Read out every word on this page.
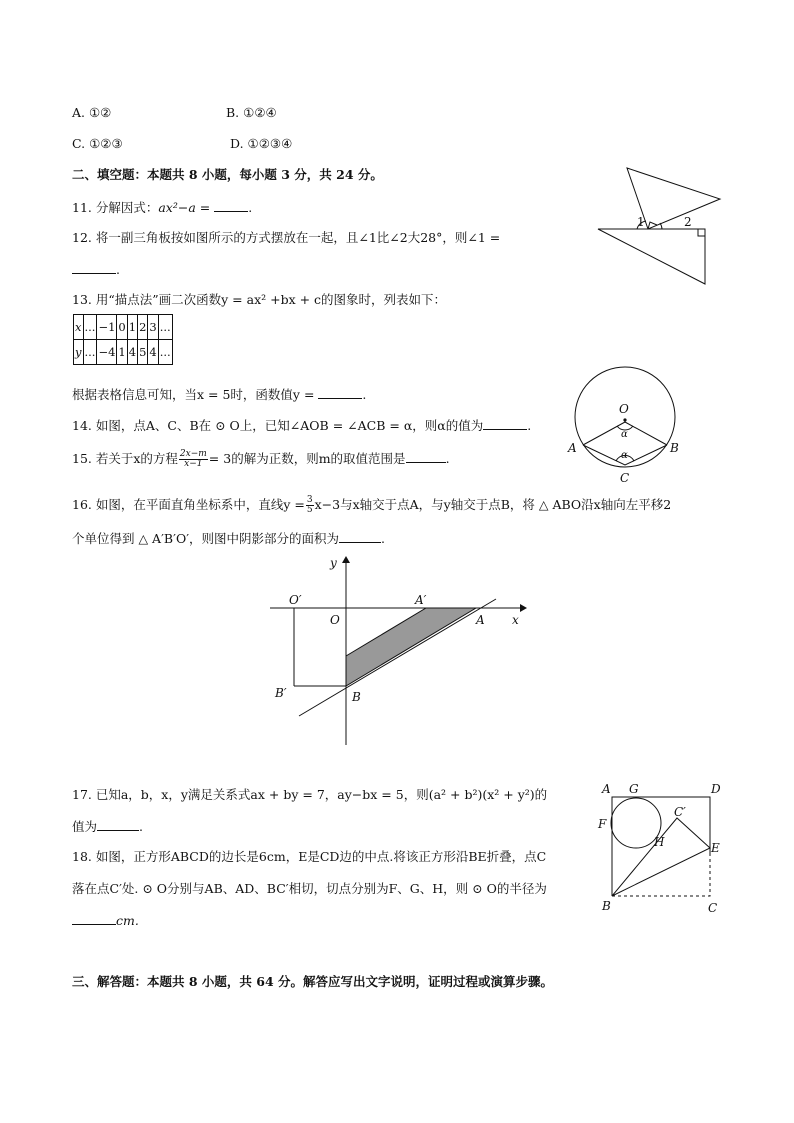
A. ①②	B. ①②④
C. ①②③	D. ①②③④
二、填空题：本题共 8 小题，每小题 3 分，共 24 分。
11. 分解因式：ax²−a =	.
12. 将一副三角板按如图所示的方式摆放在一起，且∠1比∠2大28°，则∠1 =
.
13. 用“描点法”画二次函数y = ax² +bx + c的图象时，列表如下：
x	...	−1	0	1	2	3	...
y	...	−4	1	4	5	4	...
根据表格信息可知，当x = 5时，函数值y =	.
14. 如图，点A、C、B在 ⊙ O上，已知∠AOB = ∠ACB = α，则α的值为	.
15. 若关于x的方程 $\frac{2x-m}{x-1} = 3$的解为正数，则m的取值范围是	.
16. 如图，在平面直角坐标系中，直线$y = \frac{3}{5} x-3$与x轴交于点A，与y轴交于点B，将 △ ABO沿x轴向左平移2
个单位得到 △ A′B′O′，则图中阴影部分的面积为	.
17. 已知a，b，x，y满足关系式ax + by = 7，ay−bx = 5，则(a² + b²)(x² + y²)的
值为	.
18. 如图，正方形ABCD的边长是6cm，E是CD边的中点.将该正方形沿BE折叠，点C
落在点C′处. ⊙ O分别与AB、AD、BC′相切，切点分别为F、G、H，则 ⊙ O的半径为
cm.
三、解答题：本题共 8 小题，共 64 分。解答应写出文字说明，证明过程或演算步骤。
1	2
O
α
α
A	B
C
y
x
O
O′	A′
A
B′	B
A G	D
F
C′
H	E
B	C
